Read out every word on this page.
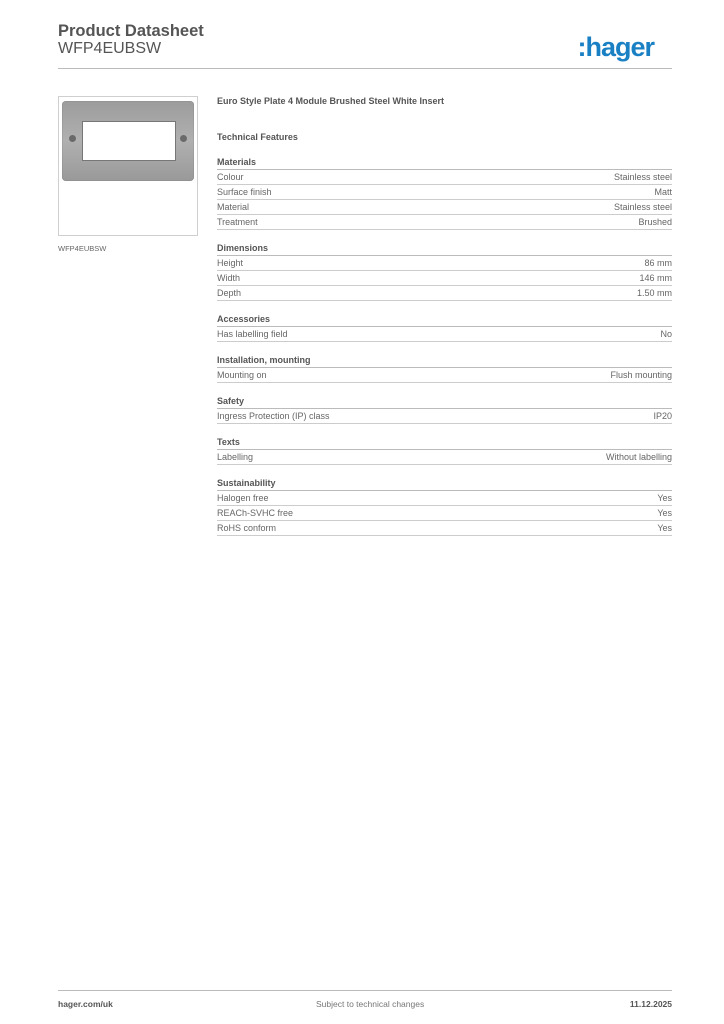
Product Datasheet
WFP4EUBSW	:hager
WFP4EUBSW
Euro Style Plate 4 Module Brushed Steel White Insert
Technical Features
Materials
Colour	Stainless steel
Surface finish	Matt
Material	Stainless steel
Treatment	Brushed
Dimensions
Height	86 mm
Width	146 mm
Depth	1.50 mm
Accessories
Has labelling field	No
Installation, mounting
Mounting on	Flush mounting
Safety
Ingress Protection (IP) class	IP20
Texts
Labelling	Without labelling
Sustainability
Halogen free	Yes
REACh-SVHC free	Yes
RoHS conform	Yes
hager.com/uk	Subject to technical changes	11.12.2025
